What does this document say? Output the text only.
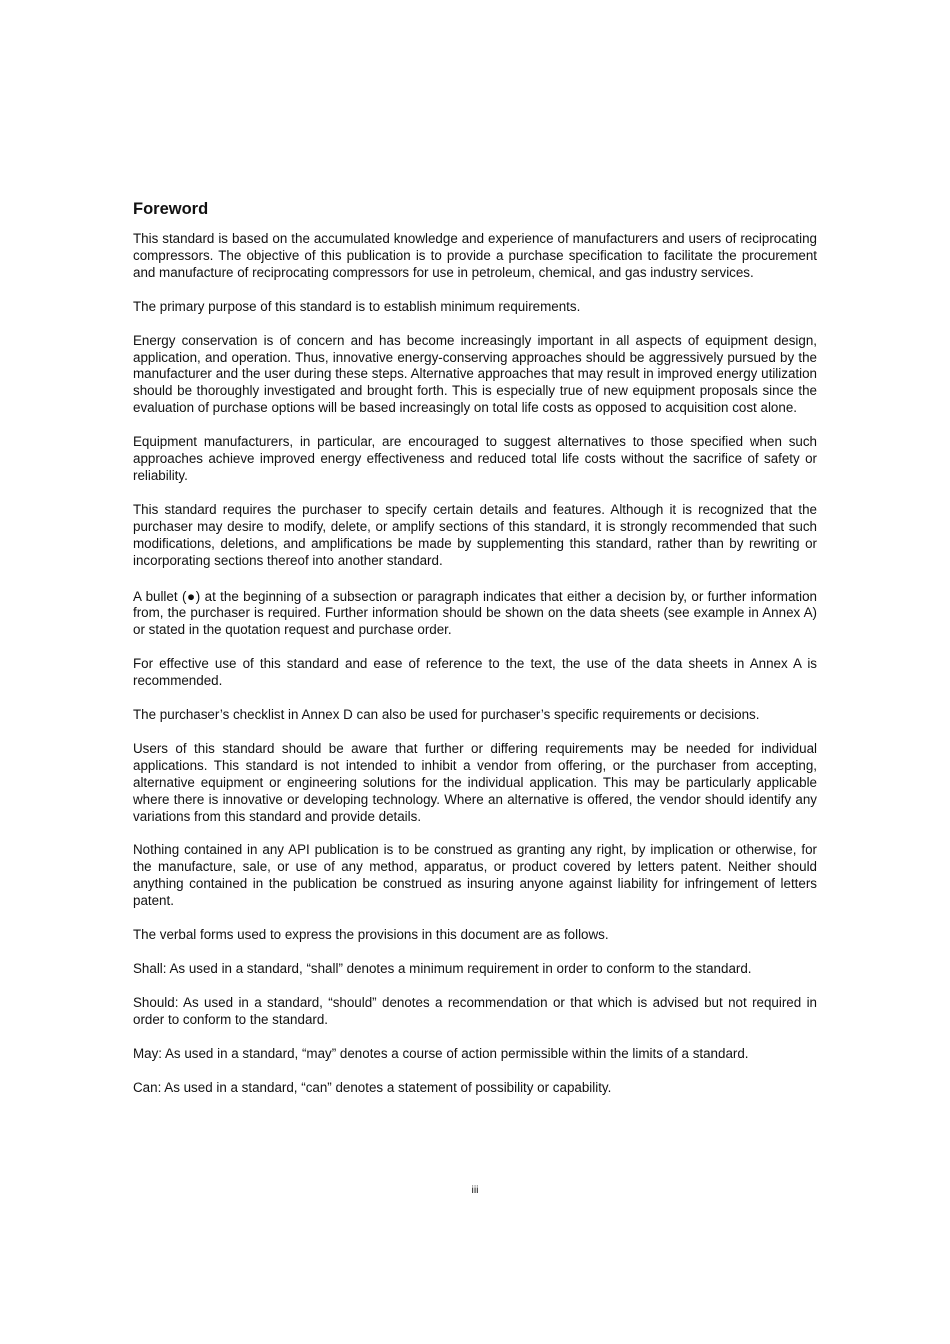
Foreword

This standard is based on the accumulated knowledge and experience of manufacturers and users of reciprocating compressors. The objective of this publication is to provide a purchase specification to facilitate the procurement and manufacture of reciprocating compressors for use in petroleum, chemical, and gas industry services.

The primary purpose of this standard is to establish minimum requirements.

Energy conservation is of concern and has become increasingly important in all aspects of equipment design, application, and operation. Thus, innovative energy-conserving approaches should be aggressively pursued by the manufacturer and the user during these steps. Alternative approaches that may result in improved energy utilization should be thoroughly investigated and brought forth. This is especially true of new equipment proposals since the evaluation of purchase options will be based increasingly on total life costs as opposed to acquisition cost alone.

Equipment manufacturers, in particular, are encouraged to suggest alternatives to those specified when such approaches achieve improved energy effectiveness and reduced total life costs without the sacrifice of safety or reliability.

This standard requires the purchaser to specify certain details and features. Although it is recognized that the purchaser may desire to modify, delete, or amplify sections of this standard, it is strongly recommended that such modifications, deletions, and amplifications be made by supplementing this standard, rather than by rewriting or incorporating sections thereof into another standard.

A bullet (●) at the beginning of a subsection or paragraph indicates that either a decision by, or further information from, the purchaser is required. Further information should be shown on the data sheets (see example in Annex A) or stated in the quotation request and purchase order.

For effective use of this standard and ease of reference to the text, the use of the data sheets in Annex A is recommended.

The purchaser’s checklist in Annex D can also be used for purchaser’s specific requirements or decisions.

Users of this standard should be aware that further or differing requirements may be needed for individual applications. This standard is not intended to inhibit a vendor from offering, or the purchaser from accepting, alternative equipment or engineering solutions for the individual application. This may be particularly applicable where there is innovative or developing technology. Where an alternative is offered, the vendor should identify any variations from this standard and provide details.

Nothing contained in any API publication is to be construed as granting any right, by implication or otherwise, for the manufacture, sale, or use of any method, apparatus, or product covered by letters patent. Neither should anything contained in the publication be construed as insuring anyone against liability for infringement of letters patent.

The verbal forms used to express the provisions in this document are as follows.

Shall: As used in a standard, “shall” denotes a minimum requirement in order to conform to the standard.

Should: As used in a standard, “should” denotes a recommendation or that which is advised but not required in order to conform to the standard.

May: As used in a standard, “may” denotes a course of action permissible within the limits of a standard.

Can: As used in a standard, “can” denotes a statement of possibility or capability.

iii
